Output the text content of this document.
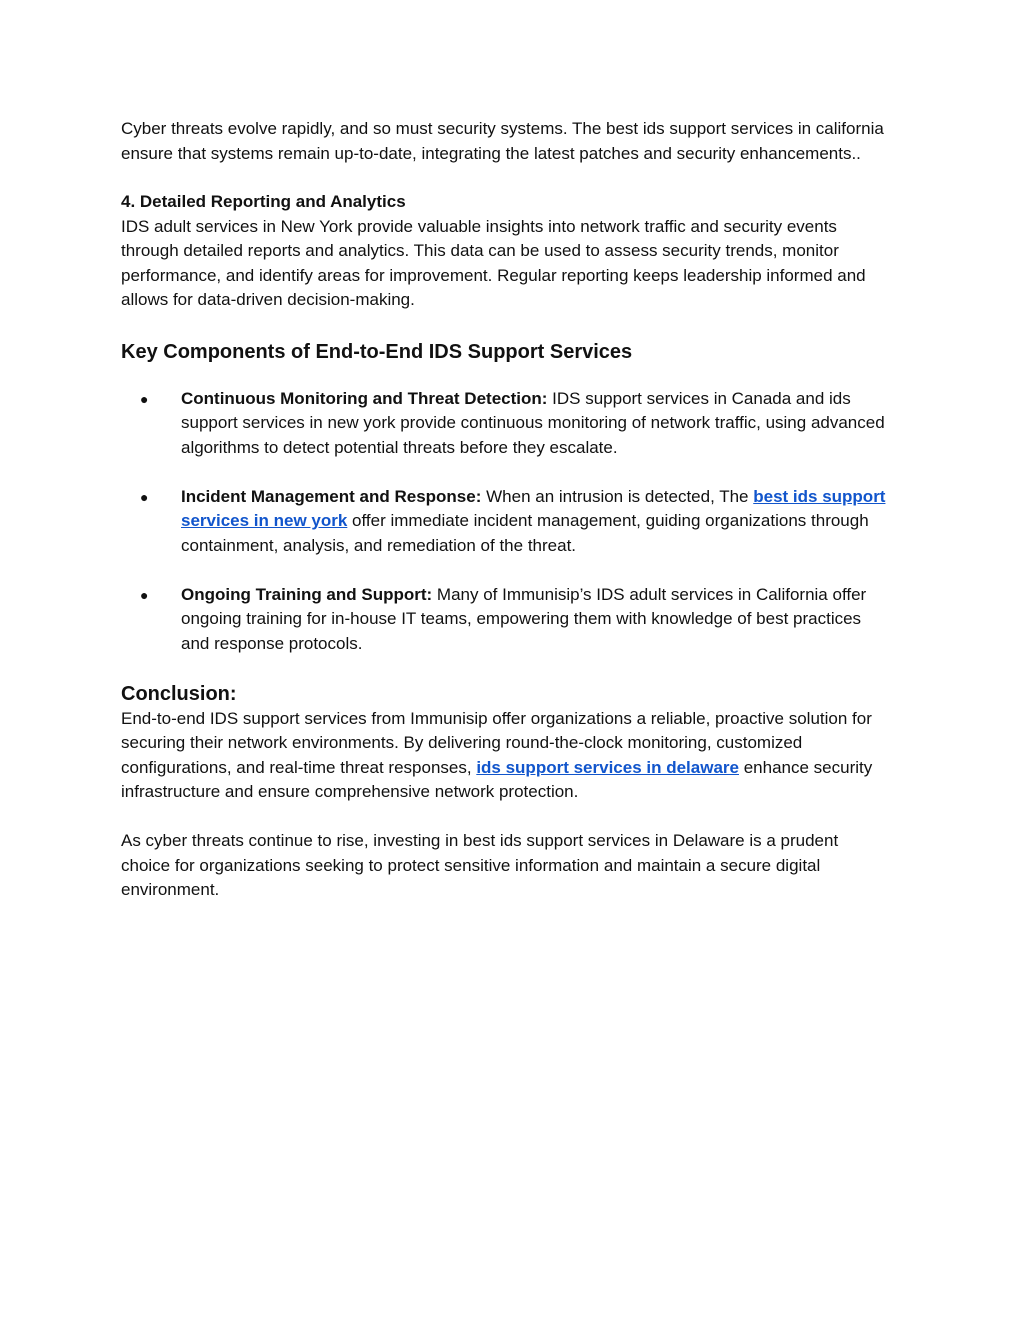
Cyber threats evolve rapidly, and so must security systems. The best ids support services in california ensure that systems remain up-to-date, integrating the latest patches and security enhancements..

4. Detailed Reporting and Analytics

IDS adult services in New York provide valuable insights into network traffic and security events through detailed reports and analytics. This data can be used to assess security trends, monitor performance, and identify areas for improvement. Regular reporting keeps leadership informed and allows for data-driven decision-making.

Key Components of End-to-End IDS Support Services
● Continuous Monitoring and Threat Detection: IDS support services in Canada and ids support services in new york provide continuous monitoring of network traffic, using advanced algorithms to detect potential threats before they escalate.
● Incident Management and Response: When an intrusion is detected, The best ids support services in new york offer immediate incident management, guiding organizations through containment, analysis, and remediation of the threat.
● Ongoing Training and Support: Many of Immunisip’s IDS adult services in California offer ongoing training for in-house IT teams, empowering them with knowledge of best practices and response protocols.
Conclusion:

End-to-end IDS support services from Immunisip offer organizations a reliable, proactive solution for securing their network environments. By delivering round-the-clock monitoring, customized configurations, and real-time threat responses, ids support services in delaware enhance security infrastructure and ensure comprehensive network protection.

As cyber threats continue to rise, investing in best ids support services in Delaware is a prudent choice for organizations seeking to protect sensitive information and maintain a secure digital environment.
